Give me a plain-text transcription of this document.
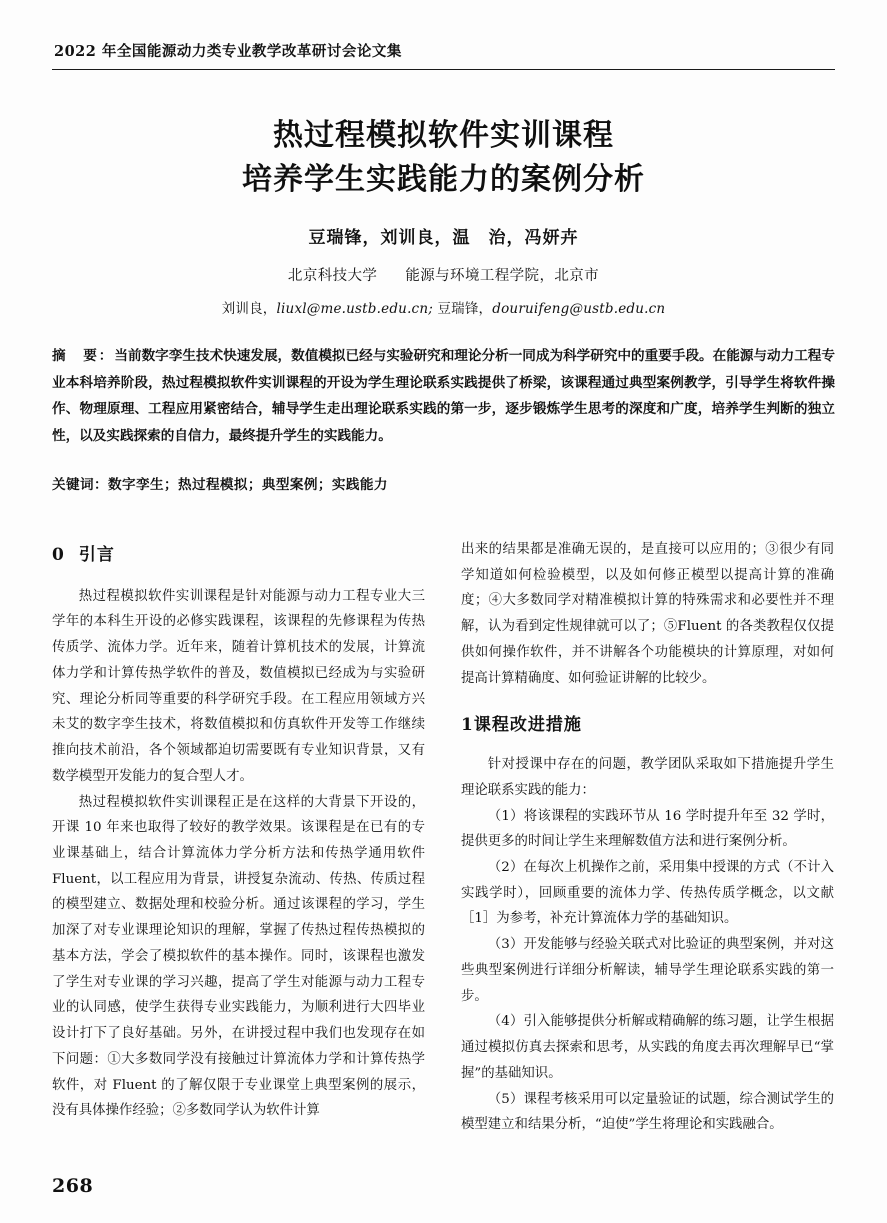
2022 年全国能源动力类专业教学改革研讨会论文集
热过程模拟软件实训课程
培养学生实践能力的案例分析
豆瑞锋，刘训良，温　治，冯妍卉
北京科技大学 能源与环境工程学院，北京市
刘训良，liuxl@me.ustb.edu.cn; 豆瑞锋，douruifeng@ustb.edu.cn
摘　要：当前数字孪生技术快速发展，数值模拟已经与实验研究和理论分析一同成为科学研究中的重要手段。在能源与动力工程专业本科培养阶段，热过程模拟软件实训课程的开设为学生理论联系实践提供了桥梁，该课程通过典型案例教学，引导学生将软件操作、物理原理、工程应用紧密结合，辅导学生走出理论联系实践的第一步，逐步锻炼学生思考的深度和广度，培养学生判断的独立性，以及实践探索的自信力，最终提升学生的实践能力。
关键词：数字孪生；热过程模拟；典型案例；实践能力
0 引言

热过程模拟软件实训课程是针对能源与动力工程专业大三学年的本科生开设的必修实践课程，该课程的先修课程为传热传质学、流体力学。近年来，随着计算机技术的发展，计算流体力学和计算传热学软件的普及，数值模拟已经成为与实验研究、理论分析同等重要的科学研究手段。在工程应用领域方兴未艾的数字孪生技术，将数值模拟和仿真软件开发等工作继续推向技术前沿，各个领域都迫切需要既有专业知识背景，又有数学模型开发能力的复合型人才。

热过程模拟软件实训课程正是在这样的大背景下开设的，开课 10 年来也取得了较好的教学效果。该课程是在已有的专业课基础上，结合计算流体力学分析方法和传热学通用软件 Fluent，以工程应用为背景，讲授复杂流动、传热、传质过程的模型建立、数据处理和校验分析。通过该课程的学习，学生加深了对专业课理论知识的理解，掌握了传热过程传热模拟的基本方法，学会了模拟软件的基本操作。同时，该课程也激发了学生对专业课的学习兴趣，提高了学生对能源与动力工程专业的认同感，使学生获得专业实践能力，为顺利进行大四毕业设计打下了良好基础。另外，在讲授过程中我们也发现存在如下问题：①大多数同学没有接触过计算流体力学和计算传热学软件，对 Fluent 的了解仅限于专业课堂上典型案例的展示，没有具体操作经验；②多数同学认为软件计算

出来的结果都是准确无误的，是直接可以应用的；③很少有同学知道如何检验模型，以及如何修正模型以提高计算的准确度；④大多数同学对精准模拟计算的特殊需求和必要性并不理解，认为看到定性规律就可以了；⑤Fluent 的各类教程仅仅提供如何操作软件，并不讲解各个功能模块的计算原理，对如何提高计算精确度、如何验证讲解的比较少。

1课程改进措施

针对授课中存在的问题，教学团队采取如下措施提升学生理论联系实践的能力：

（1）将该课程的实践环节从 16 学时提升年至 32 学时，提供更多的时间让学生来理解数值方法和进行案例分析。

（2）在每次上机操作之前，采用集中授课的方式（不计入实践学时），回顾重要的流体力学、传热传质学概念，以文献［1］为参考，补充计算流体力学的基础知识。

（3）开发能够与经验关联式对比验证的典型案例，并对这些典型案例进行详细分析解读，辅导学生理论联系实践的第一步。

（4）引入能够提供分析解或精确解的练习题，让学生根据通过模拟仿真去探索和思考，从实践的角度去再次理解早已“掌握”的基础知识。

（5）课程考核采用可以定量验证的试题，综合测试学生的模型建立和结果分析，“迫使”学生将理论和实践融合。

268
